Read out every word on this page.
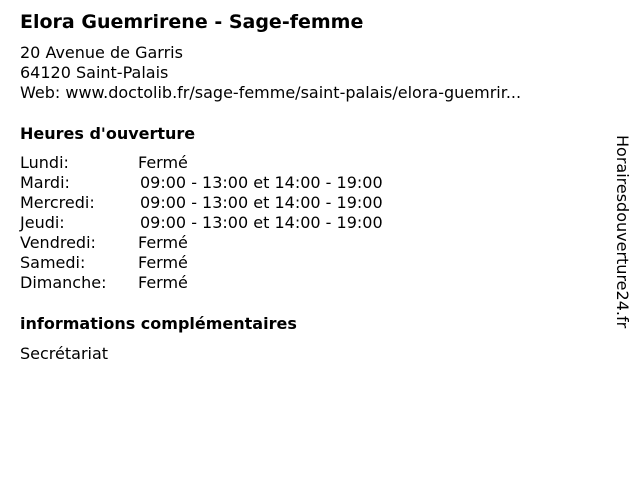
Elora Guemrirene - Sage-femme
20 Avenue de Garris
64120 Saint-Palais
Web: www.doctolib.fr/sage-femme/saint-palais/elora-guemrir...
Heures d'ouverture
Lundi:	Fermé
Mardi:	09:00 - 13:00 et 14:00 - 19:00
Mercredi:	09:00 - 13:00 et 14:00 - 19:00
Jeudi:	09:00 - 13:00 et 14:00 - 19:00
Vendredi:	Fermé
Samedi:	Fermé
Dimanche: Fermé
informations complémentaires
Secrétariat
Horairesdouverture24.fr
